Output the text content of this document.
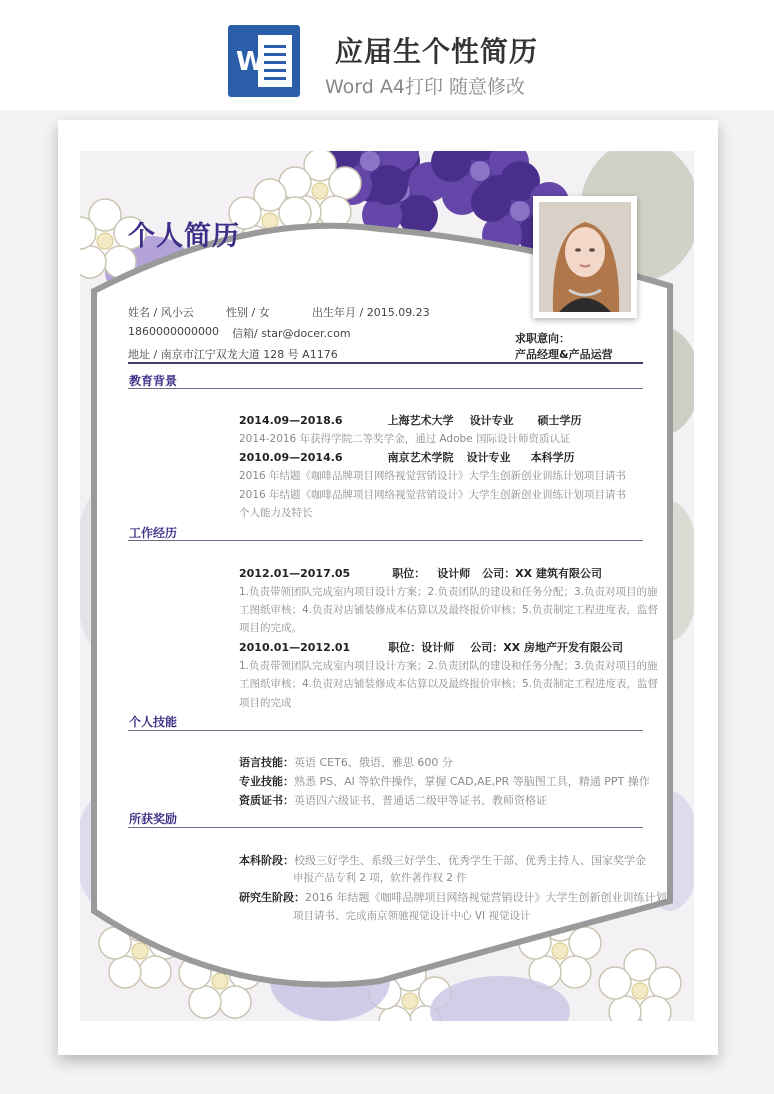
W	应届生个性简历
Word A4打印 随意修改
个人简历
姓名 / 风小云	性别 / 女	出生年月 / 2015.09.23
1860000000000 信箱/ star@docer.com
地址 / 南京市江宁双龙大道 128 号 A1176
求职意向：
产品经理&产品运营
教育背景
2014.09—2018.6	上海艺术大学 设计专业 硕士学历
2014-2016 年获得学院二等奖学金，通过 Adobe 国际设计师资质认证
2010.09—2014.6	南京艺术学院 设计专业 本科学历
2016 年结题《咖啡品牌项目网络视觉营销设计》大学生创新创业训练计划项目请书
2016 年结题《咖啡品牌项目网络视觉营销设计》大学生创新创业训练计划项目请书
个人能力及特长
工作经历
2012.01—2017.05	职位： 设计师 公司：XX 建筑有限公司
1.负责带领团队完成室内项目设计方案；2.负责团队的建设和任务分配；3.负责对项目的施
工图纸审核；4.负责对店铺装修成本估算以及最终报价审核；5.负责制定工程进度表，监督
项目的完成。
2010.01—2012.01	职位：设计师 公司：XX 房地产开发有限公司
1.负责带领团队完成室内项目设计方案；2.负责团队的建设和任务分配；3.负责对项目的施
工图纸审核；4.负责对店铺装修成本估算以及最终报价审核；5.负责制定工程进度表，监督
项目的完成
个人技能
语言技能：英语 CET6、俄语、雅思 600 分
专业技能：熟悉 PS、AI 等软件操作，掌握 CAD,AE,PR 等脑图工具，精通 PPT 操作
资质证书：英语四六级证书、普通话二级甲等证书、教师资格证
所获奖励
本科阶段：校级三好学生、系级三好学生、优秀学生干部、优秀主持人、国家奖学金
申报产品专利 2 项，软件著作权 2 件
研究生阶段：2016 年结题《咖啡品牌项目网络视觉营销设计》大学生创新创业训练计划
项目请书、完成南京领驰视觉设计中心 VI 视觉设计
